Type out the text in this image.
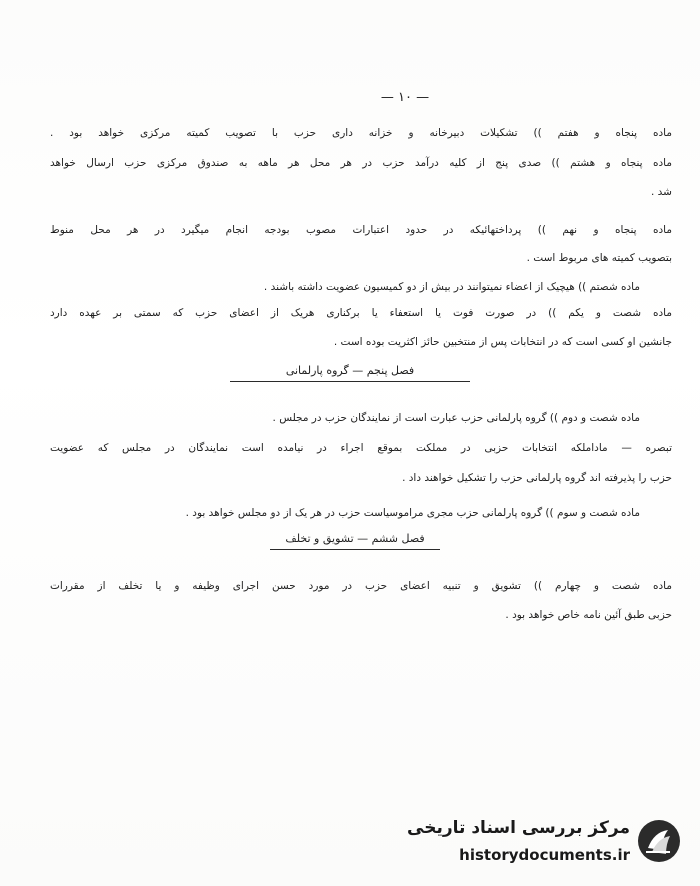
— ۱۰ —
ماده پنجاه و هفتم )) تشکیلات دبیرخانه و خزانه داری حزب با تصویب کمیته مرکزی خواهد بود .
ماده پنجاه و هشتم )) صدی پنج از کلیه درآمد حزب در هر محل هر ماهه به صندوق مرکزی حزب ارسال خواهد
شد .
ماده پنجاه و نهم )) پرداختهائیکه در حدود اعتبارات مصوب بودجه انجام میگیرد در هر محل منوط
بتصویب کمیته های مربوط است .
ماده شصتم )) هیچیک از اعضاء نمیتوانند در بیش از دو کمیسیون عضویت داشته باشند .
ماده شصت و یکم )) در صورت فوت یا استعفاء یا برکناری هریک از اعضای حزب که سمتی بر عهده دارد
جانشین او کسی است که در انتخابات پس از منتخبین حائز اکثریت بوده است .
فصل پنجم — گروه پارلمانی
ماده شصت و دوم )) گروه پارلمانی حزب عبارت است از نمایندگان حزب در مجلس .
تبصره — ماداملکه انتخابات حزبی در مملکت بموقع اجراء در نیامده است نمایندگان در مجلس که عضویت
حزب را پذیرفته اند گروه پارلمانی حزب را تشکیل خواهند داد .
ماده شصت و سوم )) گروه پارلمانی حزب مجری مراموسیاست حزب در هر یک از دو مجلس خواهد بود .
فصل ششم — تشویق و تخلف
ماده شصت و چهارم )) تشویق و تنبیه اعضای حزب در مورد حسن اجرای وظیفه و یا تخلف از مقررات
حزبی طبق آئین نامه خاص خواهد بود .
مرکز بررسی اسناد تاریخی
historydocuments.ir
